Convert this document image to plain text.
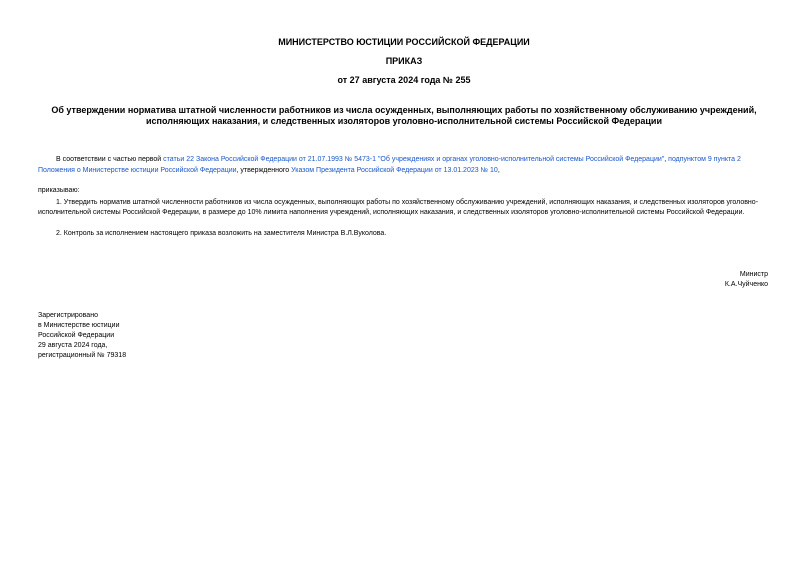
МИНИСТЕРСТВО ЮСТИЦИИ РОССИЙСКОЙ ФЕДЕРАЦИИ
ПРИКАЗ
от 27 августа 2024 года № 255
Об утверждении норматива штатной численности работников из числа осужденных, выполняющих работы по хозяйственному обслуживанию учреждений,
исполняющих наказания, и следственных изоляторов уголовно-исполнительной системы Российской Федерации
В соответствии с частью первой статьи 22 Закона Российской Федерации от 21.07.1993 № 5473-1 "Об учреждениях и органах уголовно-исполнительной системы Российской Федерации", подпунктом 9 пункта 2
Положения о Министерстве юстиции Российской Федерации, утвержденного Указом Президента Российской Федерации от 13.01.2023 № 10,
приказываю:
1. Утвердить норматив штатной численности работников из числа осужденных, выполняющих работы по хозяйственному обслуживанию учреждений, исполняющих наказания, и следственных изоляторов уголовно-
исполнительной системы Российской Федерации, в размере до 10% лимита наполнения учреждений, исполняющих наказания, и следственных изоляторов уголовно-исполнительной системы Российской Федерации.
2. Контроль за исполнением настоящего приказа возложить на заместителя Министра В.Л.Вуколова.
Министр
К.А.Чуйченко
Зарегистрировано
в Министерстве юстиции
Российской Федерации
29 августа 2024 года,
регистрационный № 79318
